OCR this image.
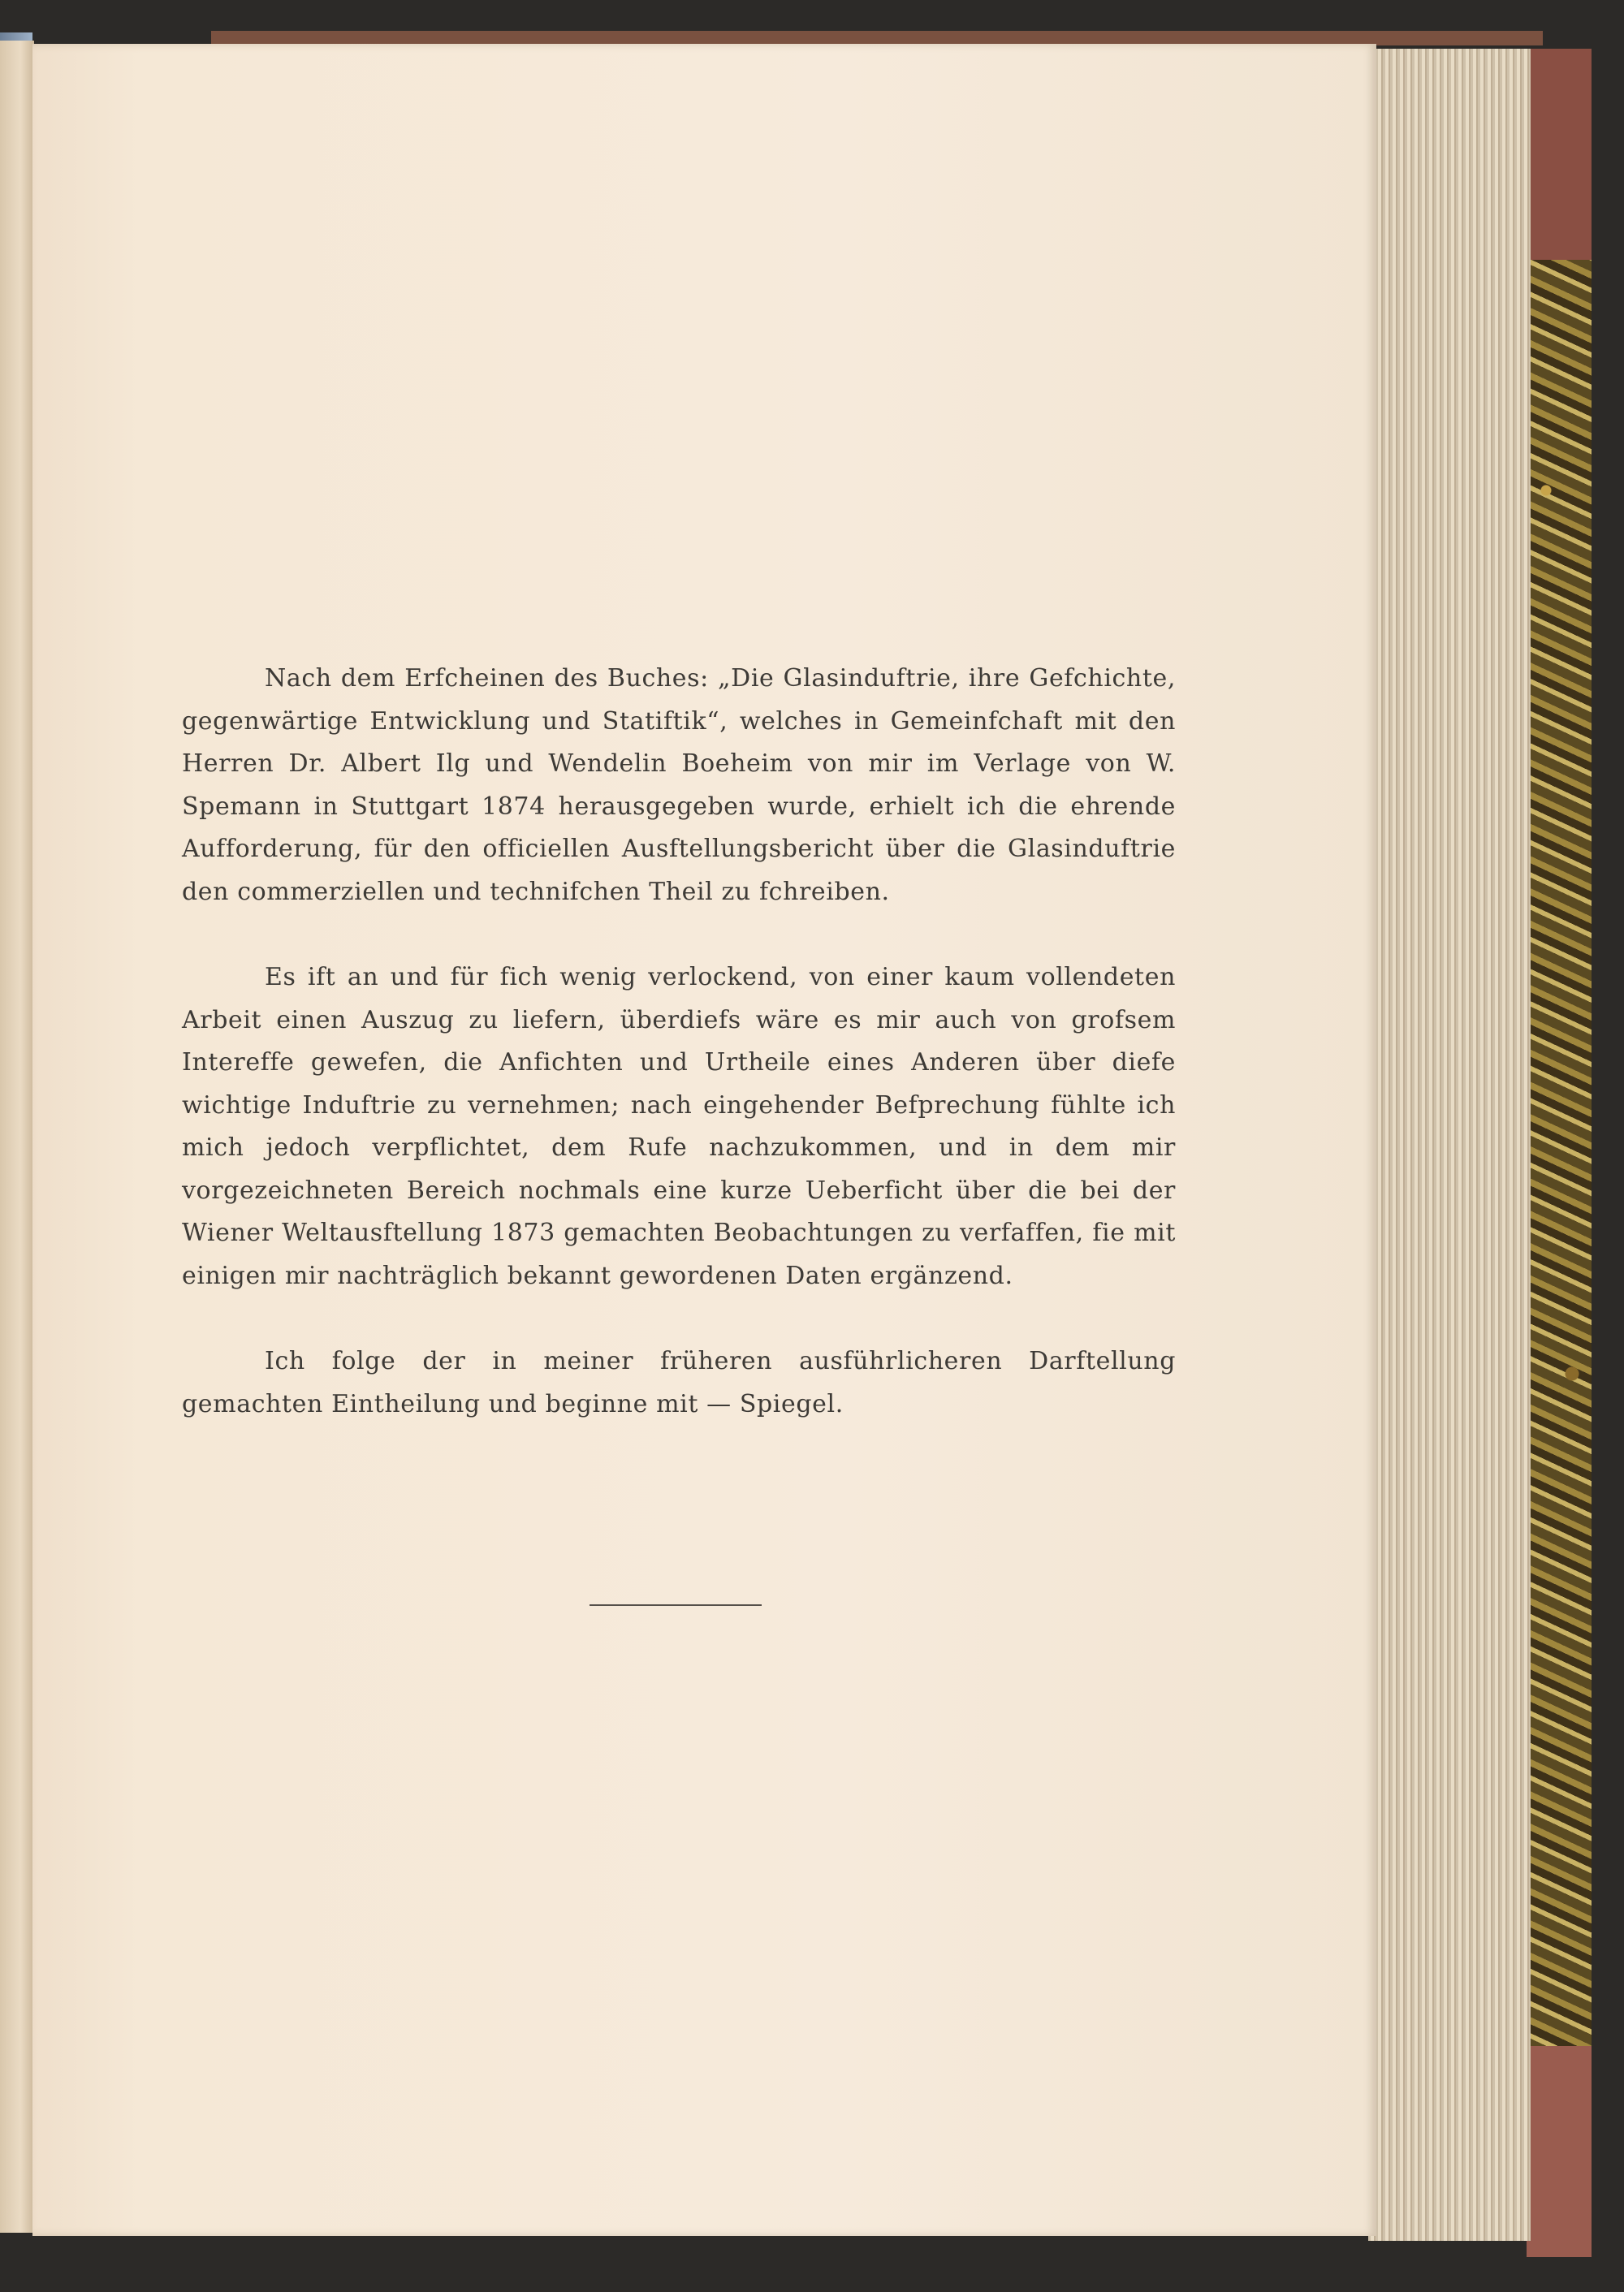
Nach dem Erfcheinen des Buches: „Die Glasinduftrie, ihre Gefchichte, gegenwärtige Entwicklung und Statiftik“, welches in Gemeinfchaft mit den Herren Dr. Albert Ilg und Wendelin Boeheim von mir im Verlage von W. Spemann in Stuttgart 1874 herausgegeben wurde, erhielt ich die ehrende Aufforderung, für den officiellen Ausftellungsbericht über die Glasinduftrie den commerziellen und technifchen Theil zu fchreiben.

Es ift an und für fich wenig verlockend, von einer kaum vollendeten Arbeit einen Auszug zu liefern, überdiefs wäre es mir auch von grofsem Intereffe gewefen, die Anfichten und Urtheile eines Anderen über diefe wichtige Induftrie zu vernehmen; nach eingehender Befprechung fühlte ich mich jedoch verpflichtet, dem Rufe nachzukommen, und in dem mir vorgezeichneten Bereich nochmals eine kurze Ueberficht über die bei der Wiener Weltausftellung 1873 gemachten Beobachtungen zu verfaffen, fie mit einigen mir nachträglich bekannt gewordenen Daten ergänzend.

Ich folge der in meiner früheren ausführlicheren Darftellung gemachten Eintheilung und beginne mit — Spiegel.
